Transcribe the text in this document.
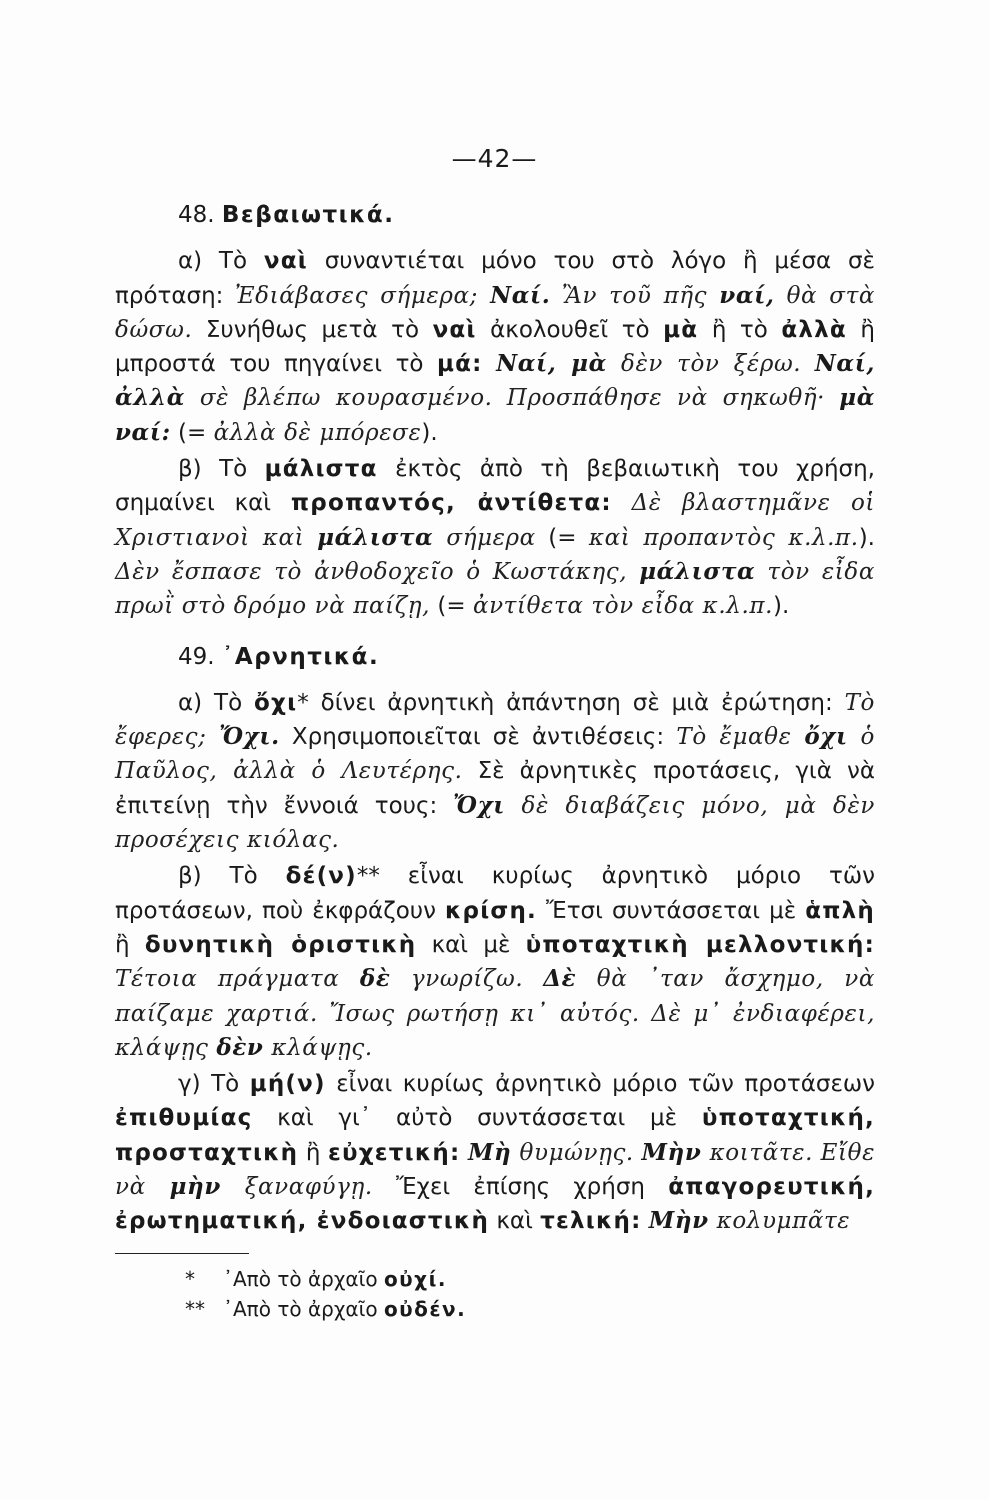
—42—

48. Βεβαιωτικά.

α) Τὸ ναὶ συναντιέται μόνο του στὸ λόγο ἢ μέσα σὲ πρόταση: Ἐδιάβασες σήμερα; Ναί. Ἂν τοῦ πῆς ναί, θὰ στὰ δώσω. Συνήθως μετὰ τὸ ναὶ ἀκολουθεῖ τὸ μὰ ἢ τὸ ἀλλὰ ἢ μπροστά του πηγαίνει τὸ μά: Ναί, μὰ δὲν τὸν ξέρω. Ναί, ἀλλὰ σὲ βλέπω κουρασμένο. Προσπάθησε νὰ σηκωθῆ· μὰ ναί: (= ἀλλὰ δὲ μπόρεσε).

β) Τὸ μάλιστα ἐκτὸς ἀπὸ τὴ βεβαιωτικὴ του χρήση, σημαίνει καὶ προπαντός, ἀντίθετα: Δὲ βλαστημᾶνε οἱ Χριστιανοὶ καὶ μάλιστα σήμερα (= καὶ προπαντὸς κ.λ.π.). Δὲν ἔσπασε τὸ ἀνθοδοχεῖο ὁ Κωστάκης, μάλιστα τὸν εἶδα πρωῒ στὸ δρόμο νὰ παίζῃ, (= ἀντίθετα τὸν εἶδα κ.λ.π.).

49. ᾿Αρνητικά.

α) Τὸ ὄχι* δίνει ἀρνητικὴ ἀπάντηση σὲ μιὰ ἐρώτηση: Τὸ ἔφερες; Ὄχι. Χρησιμοποιεῖται σὲ ἀντιθέσεις: Τὸ ἔμαθε ὄχι ὁ Παῦλος, ἀλλὰ ὁ Λευτέρης. Σὲ ἀρνητικὲς προτάσεις, γιὰ νὰ ἐπιτείνῃ τὴν ἔννοιά τους: Ὄχι δὲ διαβάζεις μόνο, μὰ δὲν προσέχεις κιόλας.

β) Τὸ δέ(ν)** εἶναι κυρίως ἀρνητικὸ μόριο τῶν προτάσεων, ποὺ ἐκφράζουν κρίση. Ἔτσι συντάσσεται μὲ ἁπλὴ ἢ δυνητικὴ ὁριστικὴ καὶ μὲ ὑποταχτικὴ μελλοντική: Τέτοια πράγματα δὲ γνωρίζω. Δὲ θὰ ᾿ταν ἄσχημο, νὰ παίζαμε χαρτιά. Ἴσως ρωτήσῃ κι᾿ αὐτός. Δὲ μ᾿ ἐνδιαφέρει, κλάψῃς δὲν κλάψῃς.

γ) Τὸ μή(ν) εἶναι κυρίως ἀρνητικὸ μόριο τῶν προτάσεων ἐπιθυμίας καὶ γι᾿ αὐτὸ συντάσσεται μὲ ὑποταχτική, προσταχτικὴ ἢ εὐχετική: Μὴ θυμώνῃς. Μὴν κοιτᾶτε. Εἴθε νὰ μὴν ξαναφύγῃ. Ἔχει ἐπίσης χρήση ἀπαγορευτική, ἐρωτηματική, ἐνδοιαστικὴ καὶ τελική: Μὴν κολυμπᾶτε

* ᾿Απὸ τὸ ἀρχαῖο οὐχί.

** ᾿Απὸ τὸ ἀρχαῖο οὐδέν.
